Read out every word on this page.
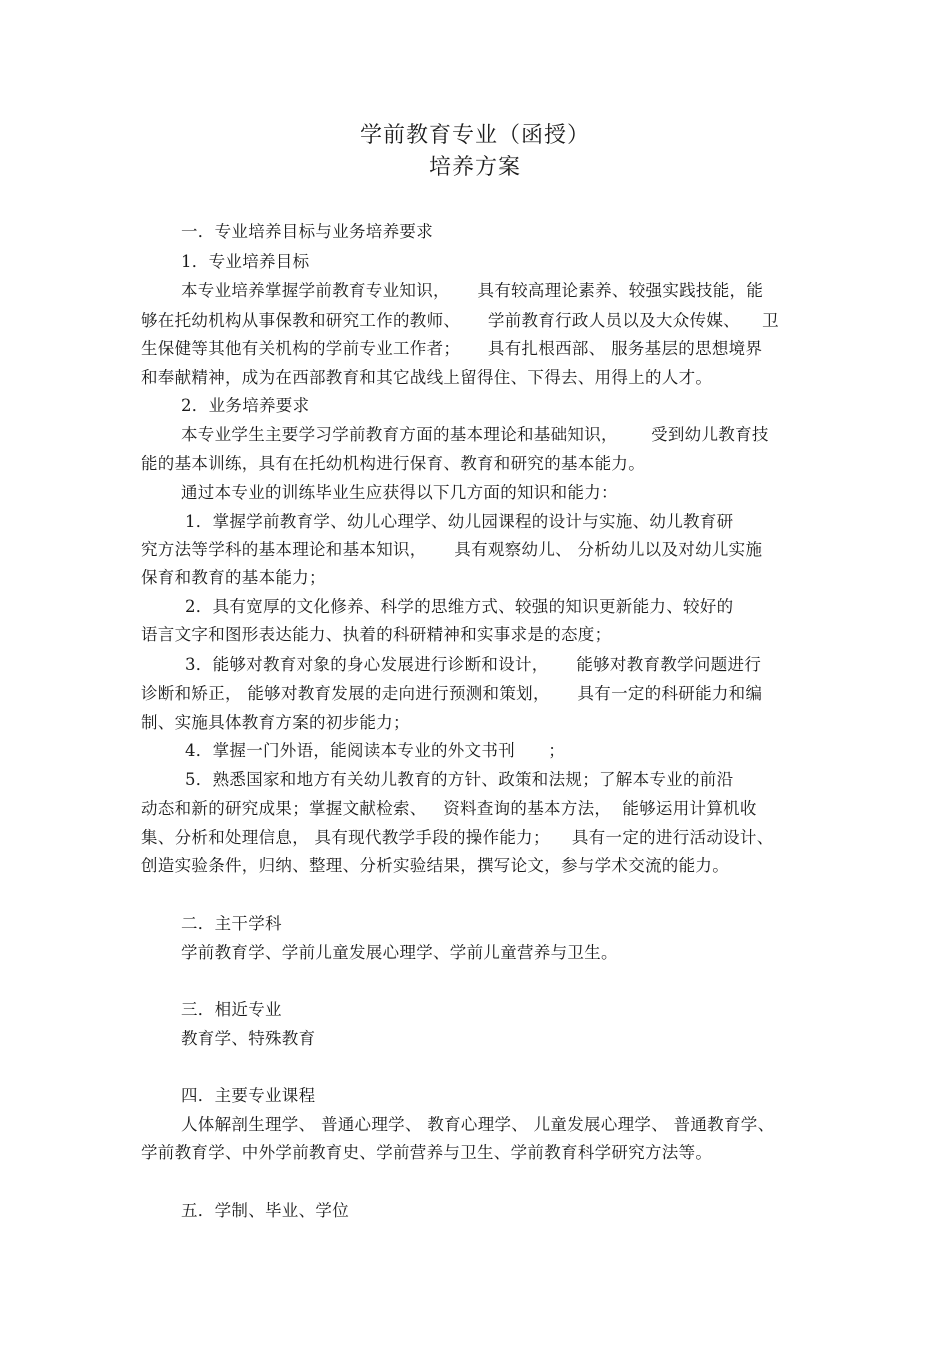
学前教育专业（函授）
培养方案
一．专业培养目标与业务培养要求
1．专业培养目标
本专业培养掌握学前教育专业知识，     具有较高理论素养、较强实践技能，能
够在托幼机构从事保教和研究工作的教师、     学前教育行政人员以及大众传媒、    卫
生保健等其他有关机构的学前专业工作者；     具有扎根西部、 服务基层的思想境界
和奉献精神，成为在西部教育和其它战线上留得住、下得去、用得上的人才。
2．业务培养要求
本专业学生主要学习学前教育方面的基本理论和基础知识，      受到幼儿教育技
能的基本训练，具有在托幼机构进行保育、教育和研究的基本能力。
通过本专业的训练毕业生应获得以下几方面的知识和能力：
1．掌握学前教育学、幼儿心理学、幼儿园课程的设计与实施、幼儿教育研
究方法等学科的基本理论和基本知识，     具有观察幼儿、 分析幼儿以及对幼儿实施
保育和教育的基本能力；
2．具有宽厚的文化修养、科学的思维方式、较强的知识更新能力、较好的
语言文字和图形表达能力、执着的科研精神和实事求是的态度；
3．能够对教育对象的身心发展进行诊断和设计，     能够对教育教学问题进行
诊断和矫正， 能够对教育发展的走向进行预测和策划，     具有一定的科研能力和编
制、实施具体教育方案的初步能力；
4．掌握一门外语，能阅读本专业的外文书刊      ；
5．熟悉国家和地方有关幼儿教育的方针、政策和法规；了解本专业的前沿
动态和新的研究成果；掌握文献检索、   资料查询的基本方法，  能够运用计算机收
集、分析和处理信息， 具有现代教学手段的操作能力；    具有一定的进行活动设计、
创造实验条件，归纳、整理、分析实验结果，撰写论文，参与学术交流的能力。
二．主干学科
学前教育学、学前儿童发展心理学、学前儿童营养与卫生。
三．相近专业
教育学、特殊教育
四．主要专业课程
人体解剖生理学、 普通心理学、 教育心理学、 儿童发展心理学、 普通教育学、
学前教育学、中外学前教育史、学前营养与卫生、学前教育科学研究方法等。
五．学制、毕业、学位
